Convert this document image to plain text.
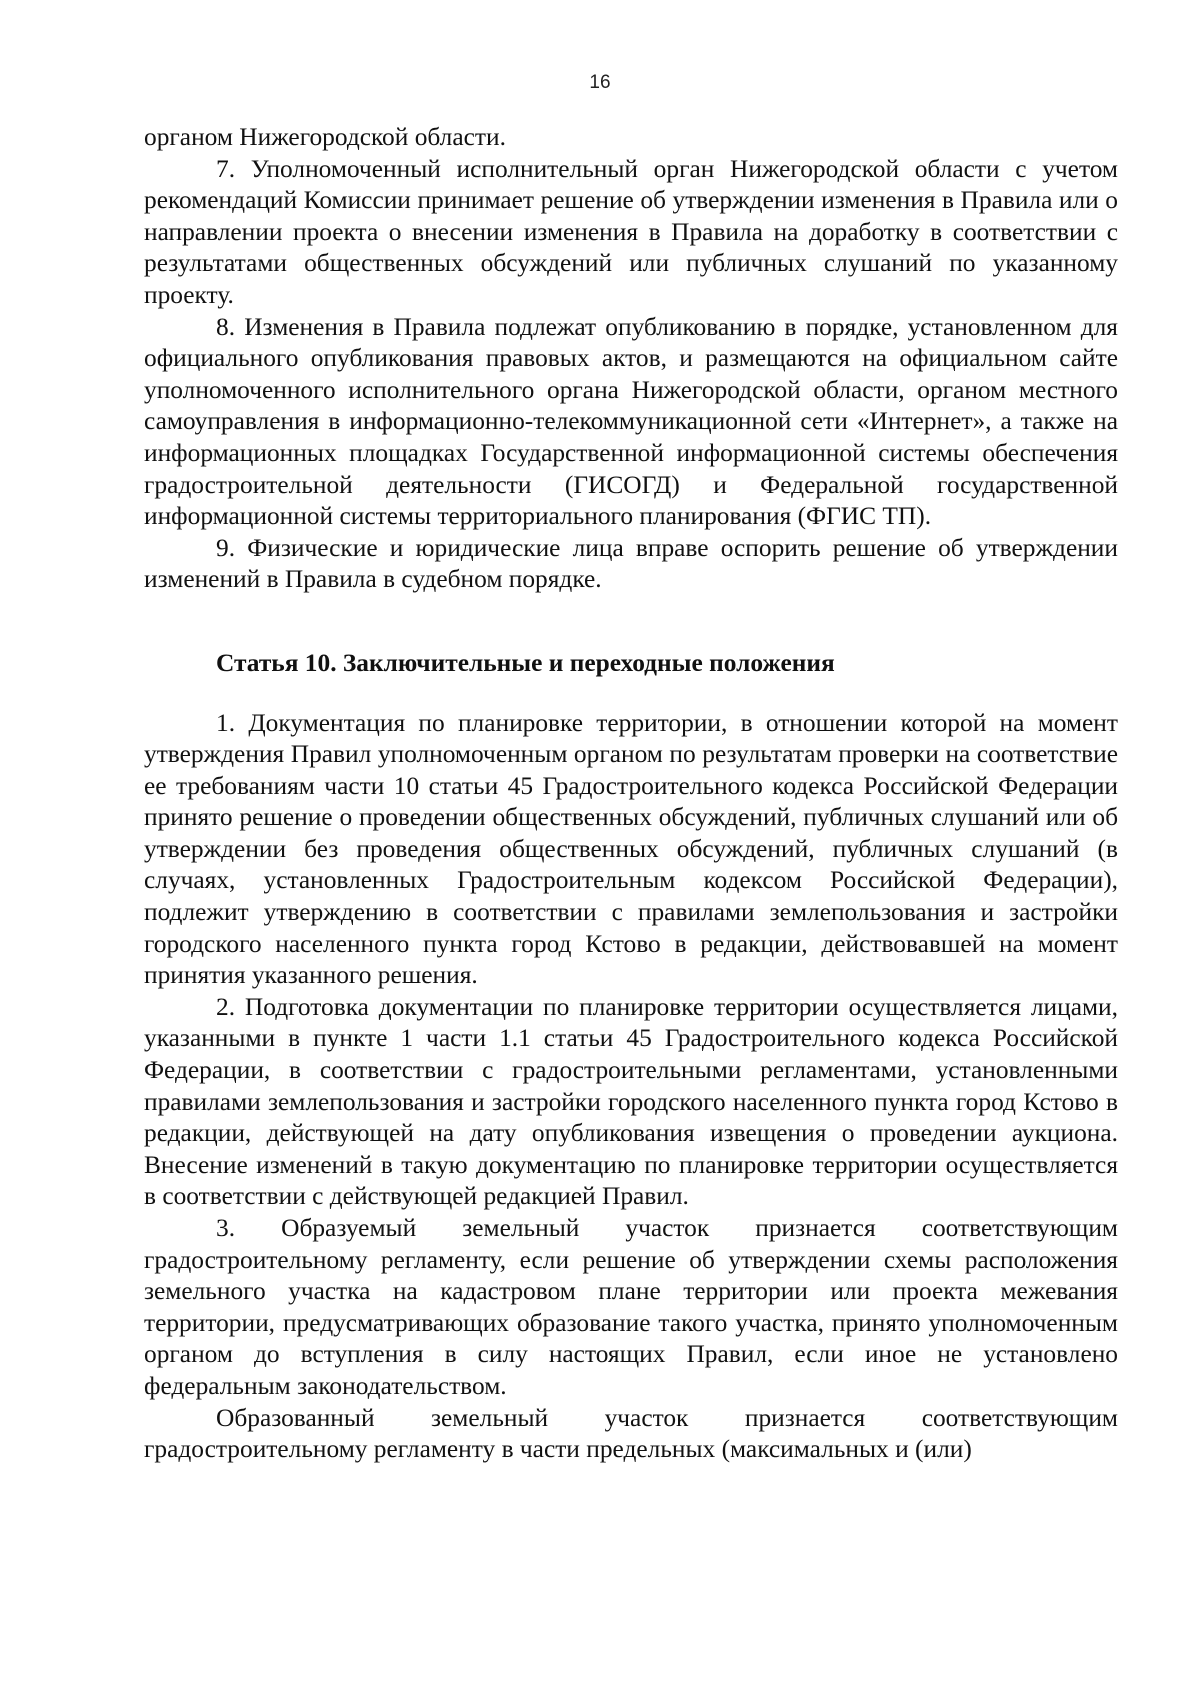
16

органом Нижегородской области.

7. Уполномоченный исполнительный орган Нижегородской области с учетом рекомендаций Комиссии принимает решение об утверждении изменения в Правила или о направлении проекта о внесении изменения в Правила на доработку в соответствии с результатами общественных обсуждений или публичных слушаний по указанному проекту.

8. Изменения в Правила подлежат опубликованию в порядке, установленном для официального опубликования правовых актов, и размещаются на официальном сайте уполномоченного исполнительного органа Нижегородской области, органом местного самоуправления в информационно-телекоммуникационной сети «Интернет», а также на информационных площадках Государственной информационной системы обеспечения градостроительной деятельности (ГИСОГД) и Федеральной государственной информационной системы территориального планирования (ФГИС ТП).

9. Физические и юридические лица вправе оспорить решение об утверждении изменений в Правила в судебном порядке.

Статья 10. Заключительные и переходные положения

1. Документация по планировке территории, в отношении которой на момент утверждения Правил уполномоченным органом по результатам проверки на соответствие ее требованиям части 10 статьи 45 Градостроительного кодекса Российской Федерации принято решение о проведении общественных обсуждений, публичных слушаний или об утверждении без проведения общественных обсуждений, публичных слушаний (в случаях, установленных Градостроительным кодексом Российской Федерации), подлежит утверждению в соответствии с правилами землепользования и застройки городского населенного пункта город Кстово в редакции, действовавшей на момент принятия указанного решения.

2. Подготовка документации по планировке территории осуществляется лицами, указанными в пункте 1 части 1.1 статьи 45 Градостроительного кодекса Российской Федерации, в соответствии с градостроительными регламентами, установленными правилами землепользования и застройки городского населенного пункта город Кстово в редакции, действующей на дату опубликования извещения о проведении аукциона. Внесение изменений в такую документацию по планировке территории осуществляется в соответствии с действующей редакцией Правил.

3. Образуемый земельный участок признается соответствующим градостроительному регламенту, если решение об утверждении схемы расположения земельного участка на кадастровом плане территории или проекта межевания территории, предусматривающих образование такого участка, принято уполномоченным органом до вступления в силу настоящих Правил, если иное не установлено федеральным законодательством.

Образованный земельный участок признается соответствующим градостроительному регламенту в части предельных (максимальных и (или)
